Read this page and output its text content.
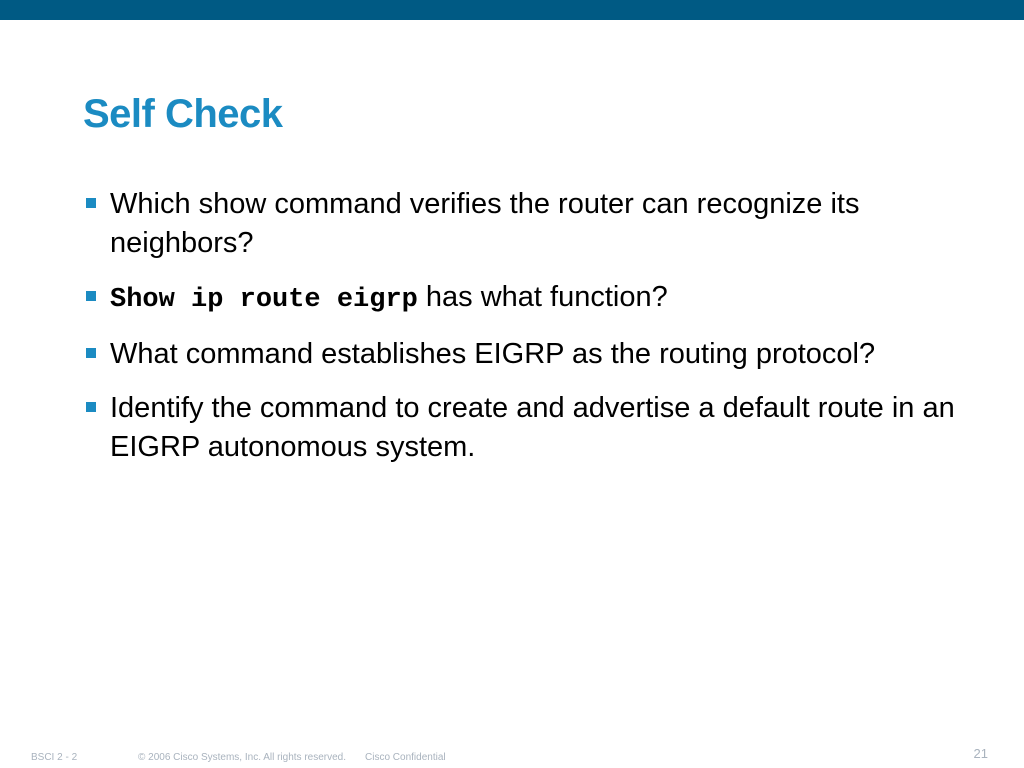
Self Check
Which show command verifies the router can recognize its neighbors?
Show ip route eigrp has what function?
What command establishes EIGRP as the routing protocol?
Identify the command to create and advertise a default route in an EIGRP autonomous system.
BSCI 2 - 2	© 2006 Cisco Systems, Inc. All rights reserved. Cisco Confidential	21
